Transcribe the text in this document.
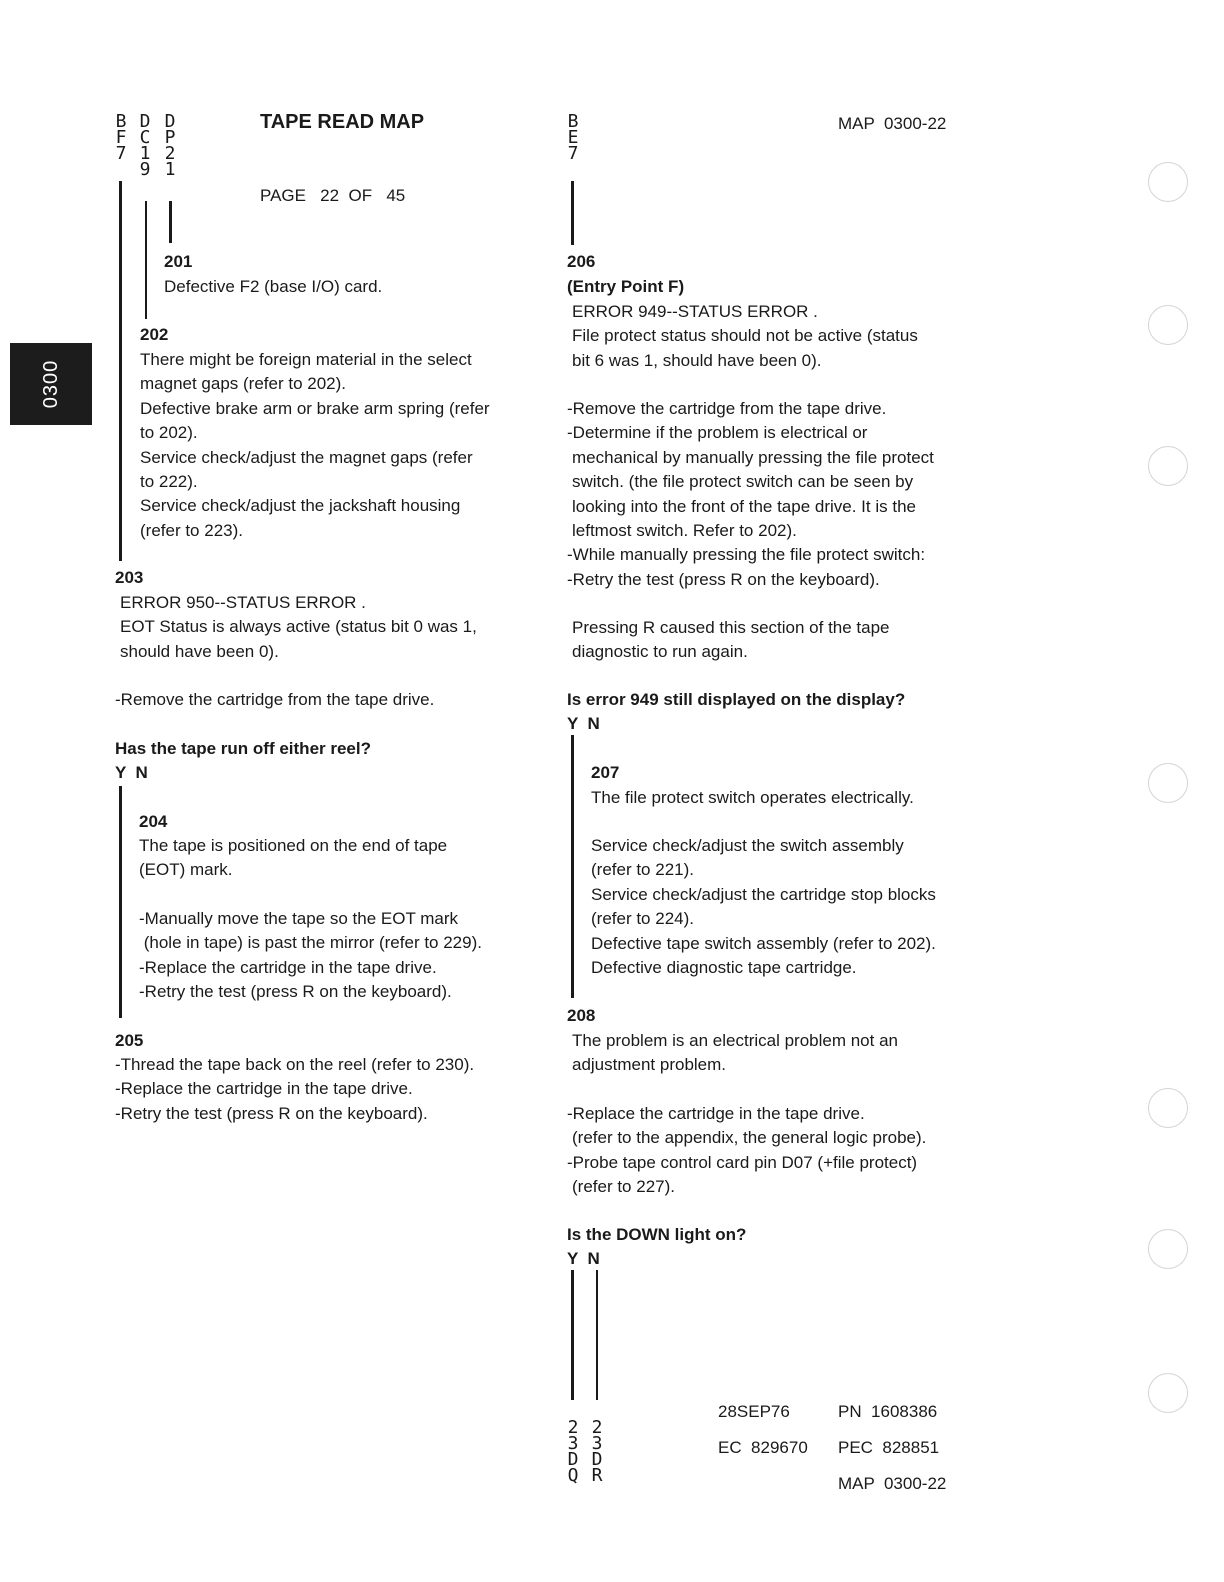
TAPE READ MAP
PAGE 22 OF 45
MAP  0300-22
0300
B
F
7
D
C
1
9
D
P
2
1
B
E
7
201
Defective F2 (base I/O) card.
202
There might be foreign material in the select
magnet gaps (refer to 202).
Defective brake arm or brake arm spring (refer
to 202).
Service check/adjust the magnet gaps (refer
to 222).
Service check/adjust the jackshaft housing
(refer to 223).
203
ERROR 950--STATUS ERROR .
EOT Status is always active (status bit 0 was 1,
should have been 0).
-Remove the cartridge from the tape drive.
Has the tape run off either reel?
Y  N
204
The tape is positioned on the end of tape
(EOT) mark.
-Manually move the tape so the EOT mark
(hole in tape) is past the mirror (refer to 229).
-Replace the cartridge in the tape drive.
-Retry the test (press R on the keyboard).
205
-Thread the tape back on the reel (refer to 230).
-Replace the cartridge in the tape drive.
-Retry the test (press R on the keyboard).
206
(Entry Point F)
ERROR 949--STATUS ERROR .
File protect status should not be active (status
bit 6 was 1, should have been 0).
-Remove the cartridge from the tape drive.
-Determine if the problem is electrical or
mechanical by manually pressing the file protect
switch. (the file protect switch can be seen by
looking into the front of the tape drive. It is the
leftmost switch. Refer to 202).
-While manually pressing the file protect switch:
-Retry the test (press R on the keyboard).
Pressing R caused this section of the tape
diagnostic to run again.
Is error 949 still displayed on the display?
Y  N
207
The file protect switch operates electrically.
Service check/adjust the switch assembly
(refer to 221).
Service check/adjust the cartridge stop blocks
(refer to 224).
Defective tape switch assembly (refer to 202).
Defective diagnostic tape cartridge.
208
The problem is an electrical problem not an
adjustment problem.
-Replace the cartridge in the tape drive.
(refer to the appendix, the general logic probe).
-Probe tape control card pin D07 (+file protect)
(refer to 227).
Is the DOWN light on?
Y  N
2
3
D
Q
2
3
D
R
28SEP76	PN  1608386
EC  829670 PEC  828851
MAP  0300-22
